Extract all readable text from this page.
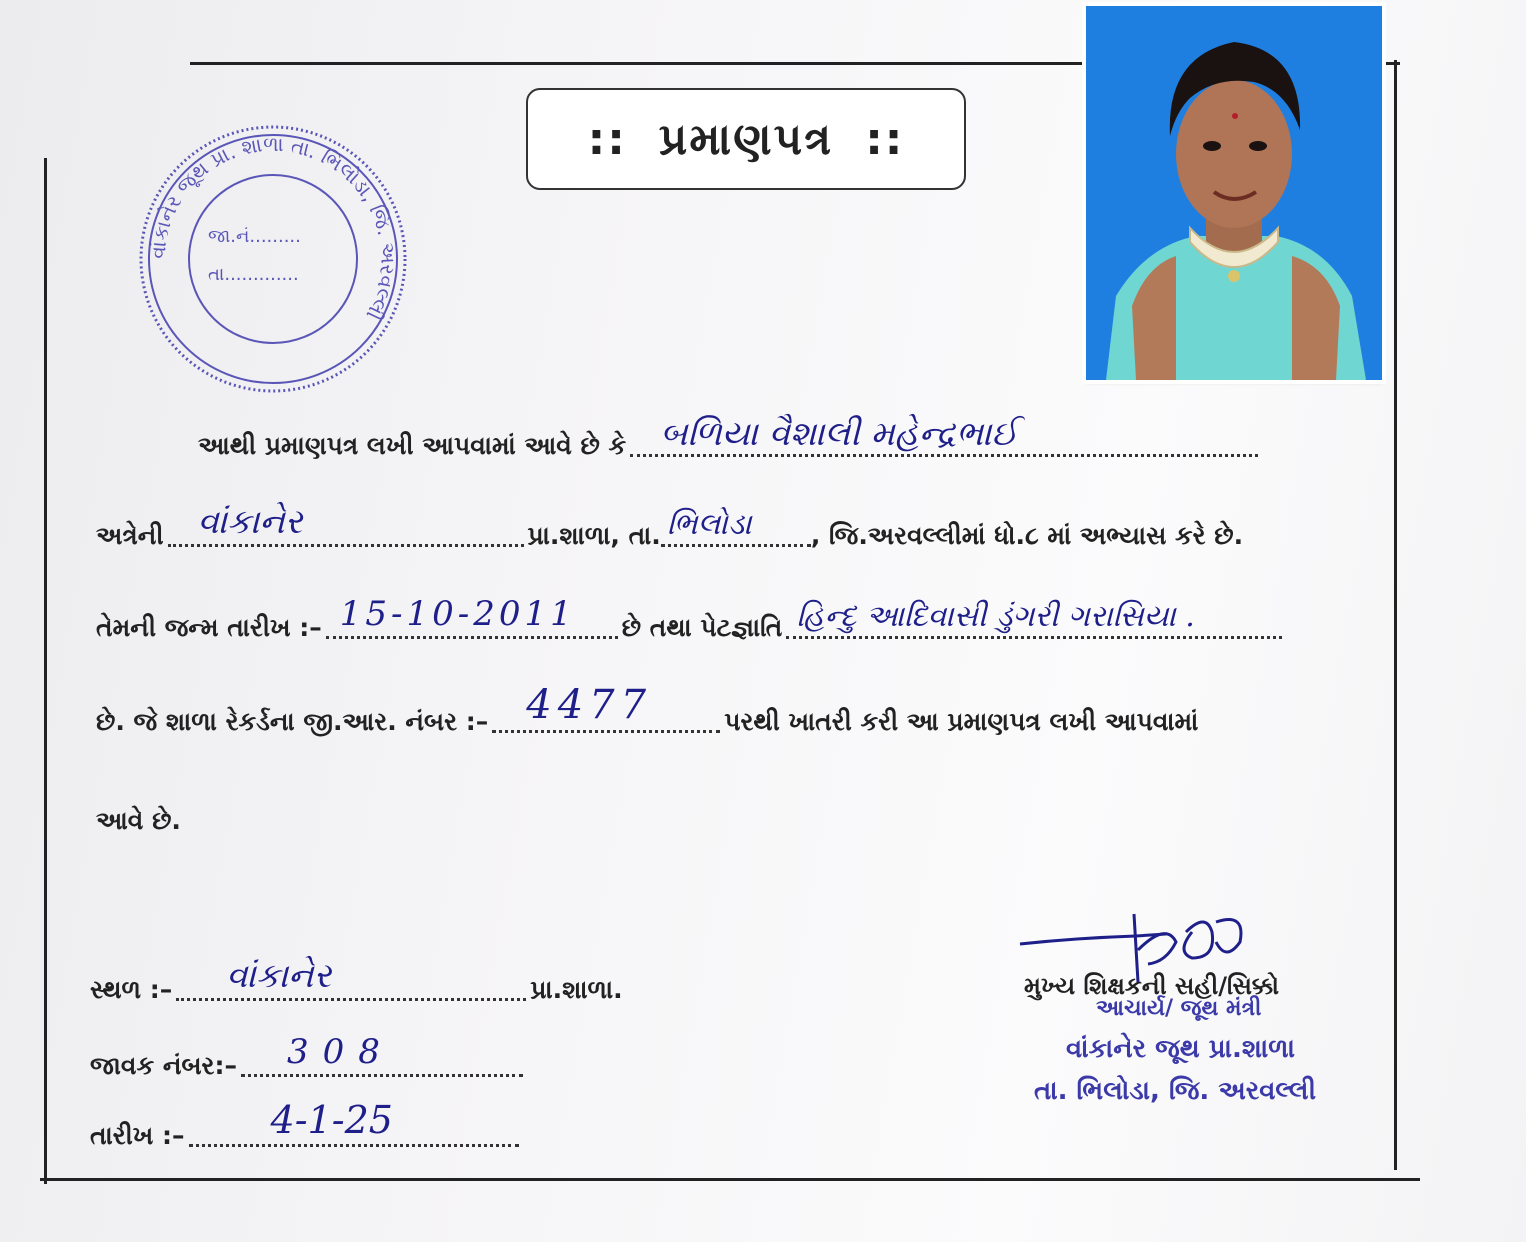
:: પ્રમાણપત્ર ::
વાંકાનેર જૂથ પ્રા. શાળા તા. ભિલોડા, જિ. અરવલ્લી
જા.નં.........
તા.............
આથી પ્રમાણપત્ર લખી આપવામાં આવે છે કે બળિયા વૈશાલી મહેન્દ્રભાઈ
અત્રેની વાંકાનેર	પ્રા.શાળા, તા. ભિલોડા	, જિ.અરવલ્લીમાં ધો.૮ માં અભ્યાસ કરે છે.
તેમની જન્મ તારીખ :– 15-10-2011	છે તથા પેટજ્ઞાતિ હિન્દુ આદિવાસી ડુંગરી ગરાસિયા .
છે. જે શાળા રેકર્ડના જી.આર. નંબર :– 4477	પરથી ખાતરી કરી આ પ્રમાણપત્ર લખી આપવામાં
આવે છે.
સ્થળ :– વાંકાનેર	પ્રા.શાળા.
જાવક નંબર:– 308
તારીખ :– 4-1-25
મુખ્ય શિક્ષકની સહી/સિક્કો
આચાર્ય/ જૂથ મંત્રી
વાંકાનેર જૂથ પ્રા.શાળા
તા. ભિલોડા, જિ. અરવલ્લી
